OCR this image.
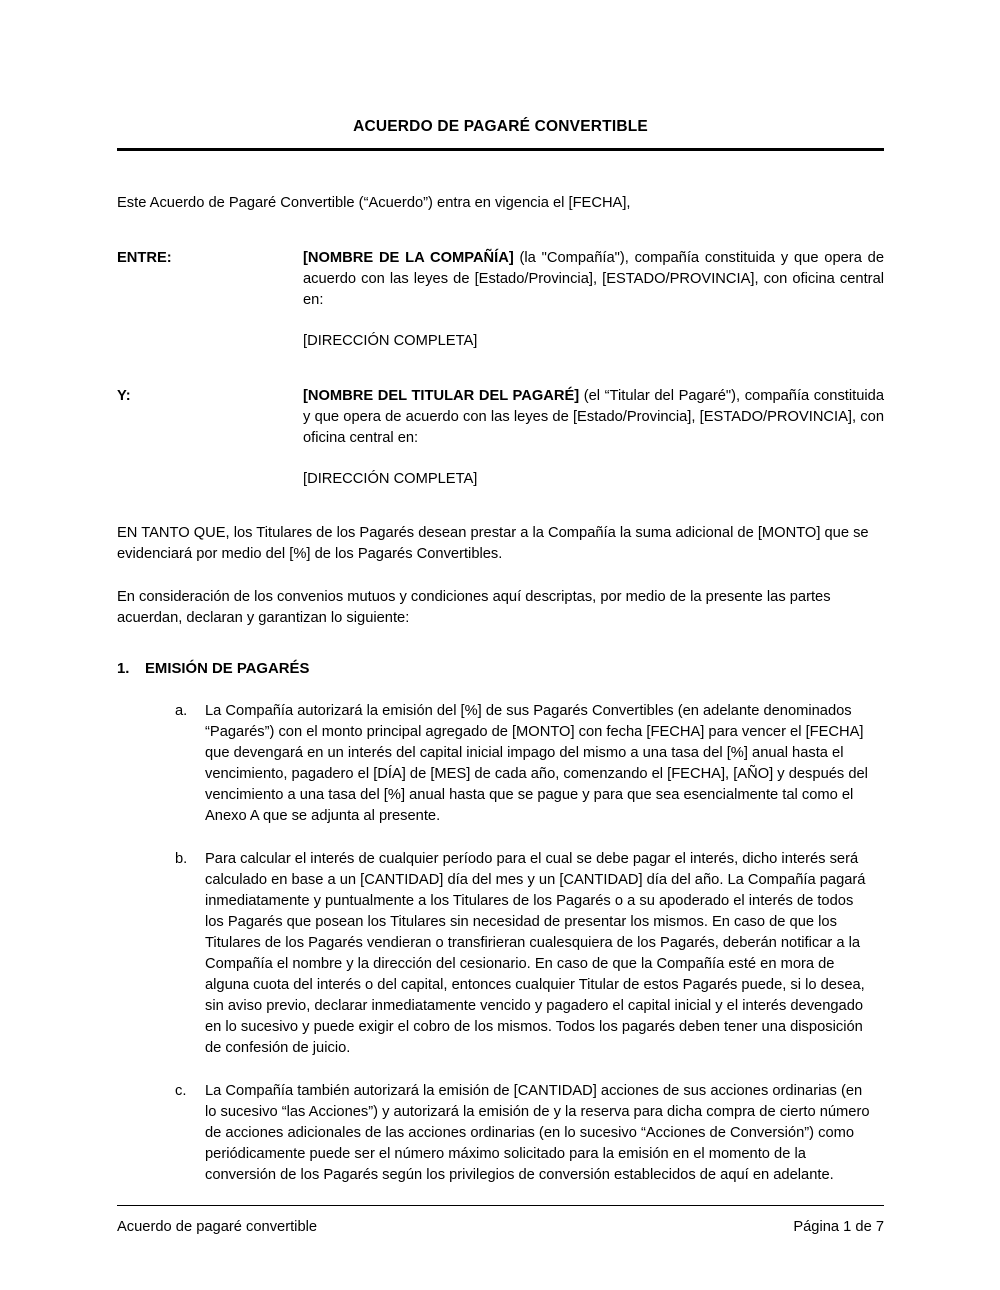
ACUERDO DE PAGARÉ CONVERTIBLE

Este Acuerdo de Pagaré Convertible (“Acuerdo”) entra en vigencia el [FECHA],

ENTRE:	[NOMBRE DE LA COMPAÑÍA] (la "Compañía"), compañía constituida y que opera de acuerdo con las leyes de [Estado/Provincia], [ESTADO/PROVINCIA], con oficina central en:
[DIRECCIÓN COMPLETA]
Y:	[NOMBRE DEL TITULAR DEL PAGARÉ] (el “Titular del Pagaré"), compañía constituida y que opera de acuerdo con las leyes de [Estado/Provincia], [ESTADO/PROVINCIA], con oficina central en:
[DIRECCIÓN COMPLETA]

EN TANTO QUE, los Titulares de los Pagarés desean prestar a la Compañía la suma adicional de [MONTO] que se evidenciará por medio del [%] de los Pagarés Convertibles.

En consideración de los convenios mutuos y condiciones aquí descriptas, por medio de la presente las partes acuerdan, declaran y garantizan lo siguiente:

1.	EMISIÓN DE PAGARÉS
a.	La Compañía autorizará la emisión del [%] de sus Pagarés Convertibles (en adelante denominados “Pagarés”) con el monto principal agregado de [MONTO] con fecha [FECHA] para vencer el [FECHA] que devengará en un interés del capital inicial impago del mismo a una tasa del [%] anual hasta el vencimiento, pagadero el [DÍA] de [MES] de cada año, comenzando el [FECHA], [AÑO] y después del vencimiento a una tasa del [%] anual hasta que se pague y para que sea esencialmente tal como el Anexo A que se adjunta al presente.
b.	Para calcular el interés de cualquier período para el cual se debe pagar el interés, dicho interés será calculado en base a un [CANTIDAD] día del mes y un [CANTIDAD] día del año. La Compañía pagará inmediatamente y puntualmente a los Titulares de los Pagarés o a su apoderado el interés de todos los Pagarés que posean los Titulares sin necesidad de presentar los mismos. En caso de que los Titulares de los Pagarés vendieran o transfirieran cualesquiera de los Pagarés, deberán notificar a la Compañía el nombre y la dirección del cesionario. En caso de que la Compañía esté en mora de alguna cuota del interés o del capital, entonces cualquier Titular de estos Pagarés puede, si lo desea, sin aviso previo, declarar inmediatamente vencido y pagadero el capital inicial y el interés devengado en lo sucesivo y puede exigir el cobro de los mismos. Todos los pagarés deben tener una disposición de confesión de juicio.
c.	La Compañía también autorizará la emisión de [CANTIDAD] acciones de sus acciones ordinarias (en lo sucesivo “las Acciones”) y autorizará la emisión de y la reserva para dicha compra de cierto número de acciones adicionales de las acciones ordinarias (en lo sucesivo “Acciones de Conversión”) como periódicamente puede ser el número máximo solicitado para la emisión en el momento de la conversión de los Pagarés según los privilegios de conversión establecidos de aquí en adelante.
Acuerdo de pagaré convertible	Página 1 de 7
